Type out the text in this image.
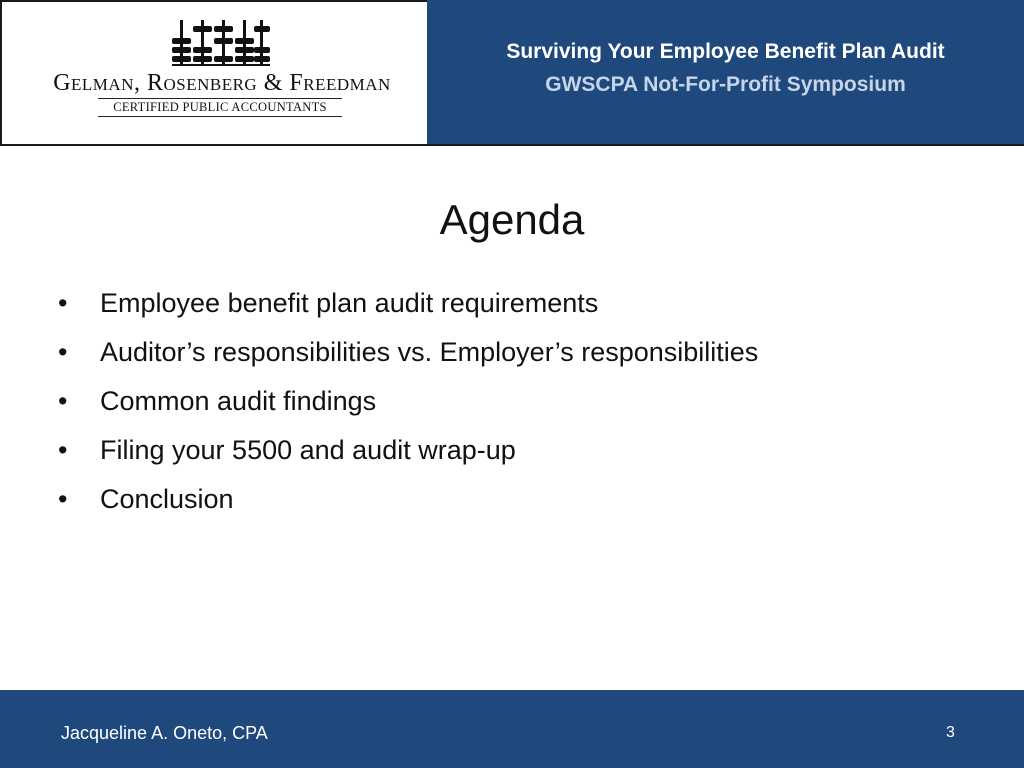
Gelman, Rosenberg & Freedman
CERTIFIED PUBLIC ACCOUNTANTS
Surviving Your Employee Benefit Plan Audit
GWSCPA Not-For-Profit Symposium
Agenda
•	Employee benefit plan audit requirements
•	Auditor’s responsibilities vs. Employer’s responsibilities
•	Common audit findings
•	Filing your 5500 and audit wrap-up
•	Conclusion
Jacqueline A. Oneto, CPA	3
